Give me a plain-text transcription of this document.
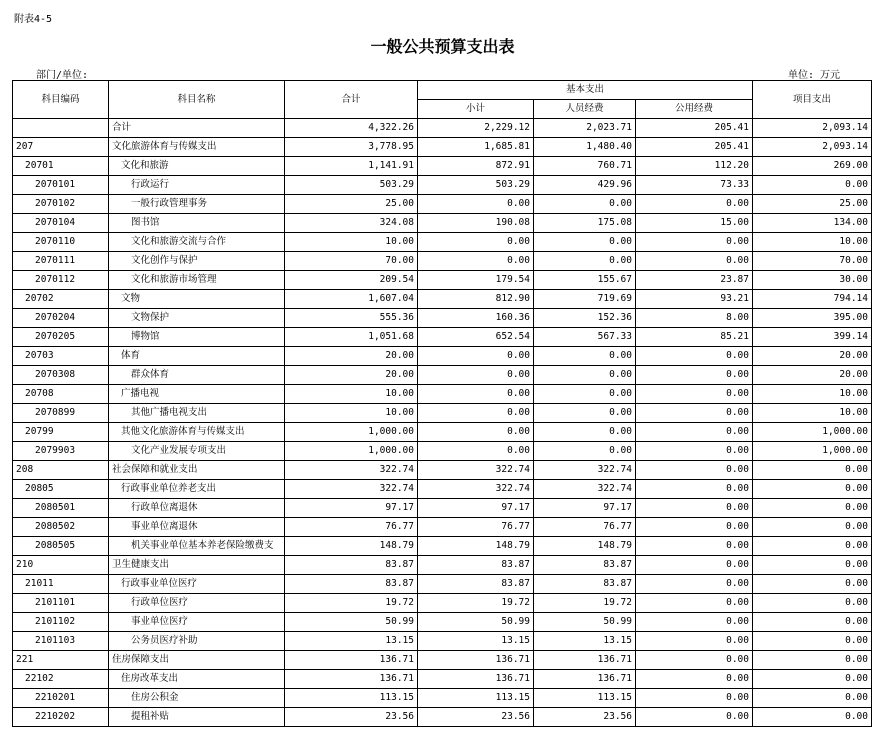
附表4-5
一般公共预算支出表
部门/单位:	单位: 万元
科目编码	科目名称	合计	基本支出			项目支出
			小计	人员经费	公用经费	
	合计	4,322.26	2,229.12	2,023.71	205.41	2,093.14
207	文化旅游体育与传媒支出	3,778.95	1,685.81	1,480.40	205.41	2,093.14
20701	文化和旅游	1,141.91	872.91	760.71	112.20	269.00
2070101	行政运行	503.29	503.29	429.96	73.33	0.00
2070102	一般行政管理事务	25.00	0.00	0.00	0.00	25.00
2070104	图书馆	324.08	190.08	175.08	15.00	134.00
2070110	文化和旅游交流与合作	10.00	0.00	0.00	0.00	10.00
2070111	文化创作与保护	70.00	0.00	0.00	0.00	70.00
2070112	文化和旅游市场管理	209.54	179.54	155.67	23.87	30.00
20702	文物	1,607.04	812.90	719.69	93.21	794.14
2070204	文物保护	555.36	160.36	152.36	8.00	395.00
2070205	博物馆	1,051.68	652.54	567.33	85.21	399.14
20703	体育	20.00	0.00	0.00	0.00	20.00
2070308	群众体育	20.00	0.00	0.00	0.00	20.00
20708	广播电视	10.00	0.00	0.00	0.00	10.00
2070899	其他广播电视支出	10.00	0.00	0.00	0.00	10.00
20799	其他文化旅游体育与传媒支出	1,000.00	0.00	0.00	0.00	1,000.00
2079903	文化产业发展专项支出	1,000.00	0.00	0.00	0.00	1,000.00
208	社会保障和就业支出	322.74	322.74	322.74	0.00	0.00
20805	行政事业单位养老支出	322.74	322.74	322.74	0.00	0.00
2080501	行政单位离退休	97.17	97.17	97.17	0.00	0.00
2080502	事业单位离退休	76.77	76.77	76.77	0.00	0.00
2080505	机关事业单位基本养老保险缴费支	148.79	148.79	148.79	0.00	0.00
210	卫生健康支出	83.87	83.87	83.87	0.00	0.00
21011	行政事业单位医疗	83.87	83.87	83.87	0.00	0.00
2101101	行政单位医疗	19.72	19.72	19.72	0.00	0.00
2101102	事业单位医疗	50.99	50.99	50.99	0.00	0.00
2101103	公务员医疗补助	13.15	13.15	13.15	0.00	0.00
221	住房保障支出	136.71	136.71	136.71	0.00	0.00
22102	住房改革支出	136.71	136.71	136.71	0.00	0.00
2210201	住房公积金	113.15	113.15	113.15	0.00	0.00
2210202	提租补贴	23.56	23.56	23.56	0.00	0.00
